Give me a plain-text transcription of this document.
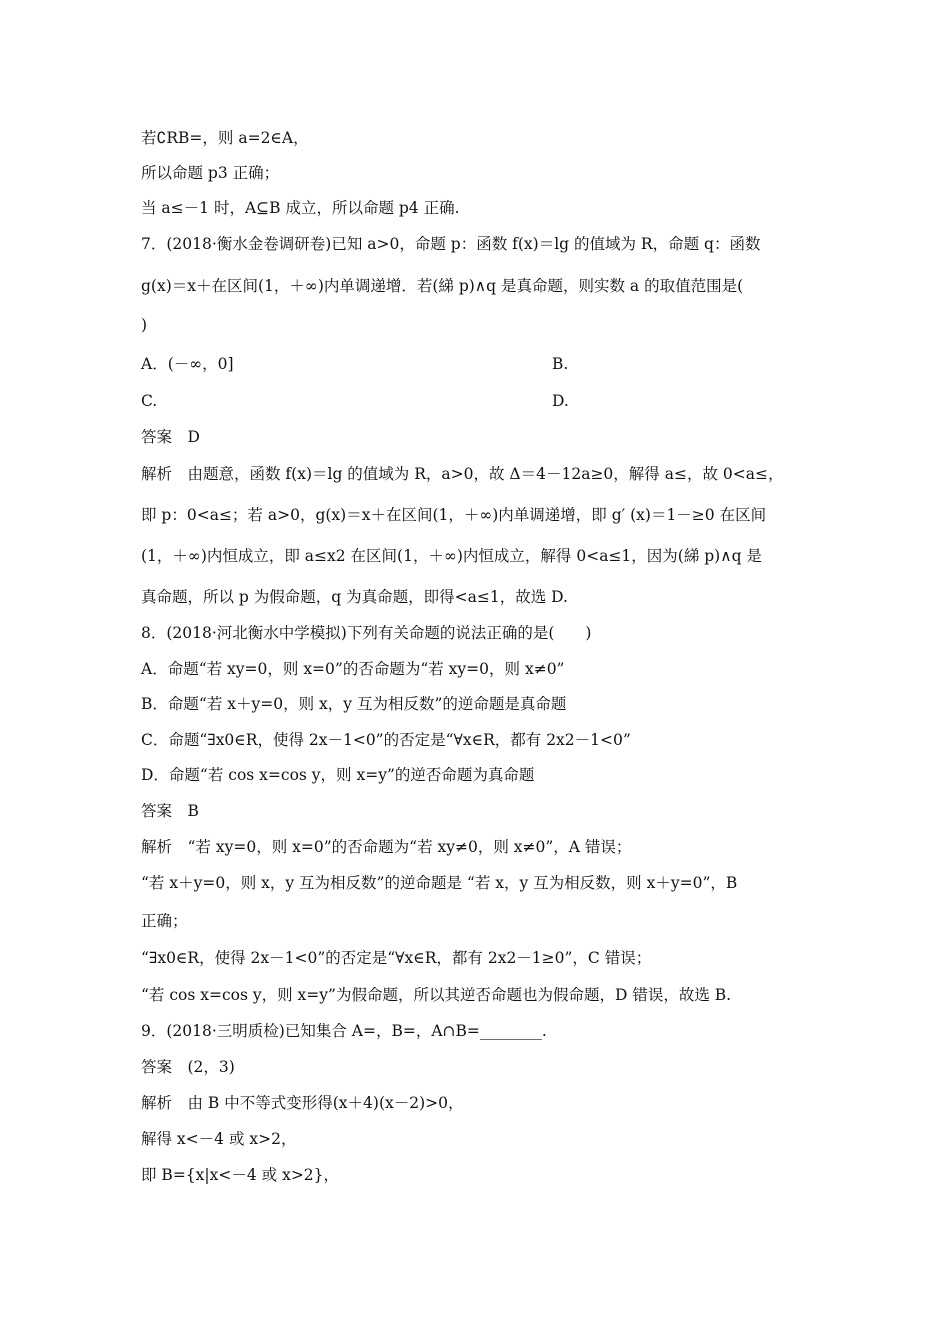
若∁RB=，则 a=2∈A，
所以命题 p3 正确；
当 a≤－1 时，A⊆B 成立，所以命题 p4 正确.
7．(2018·衡水金卷调研卷)已知 a>0，命题 p：函数 f(x)＝lg 的值域为 R，命题 q：函数
g(x)＝x＋在区间(1，＋∞)内单调递增．若(綈 p)∧q 是真命题，则实数 a 的取值范围是(
)
A．(－∞，0]	B.
C.	D.
答案　D
解析　由题意，函数 f(x)＝lg 的值域为 R，a>0，故 Δ＝4－12a≥0，解得 a≤，故 0<a≤，
即 p：0<a≤；若 a>0，g(x)＝x＋在区间(1，＋∞)内单调递增，即 g′ (x)＝1－≥0 在区间
(1，＋∞)内恒成立，即 a≤x2 在区间(1，＋∞)内恒成立，解得 0<a≤1，因为(綈 p)∧q 是
真命题，所以 p 为假命题，q 为真命题，即得<a≤1，故选 D.
8．(2018·河北衡水中学模拟)下列有关命题的说法正确的是(　　)
A．命题“若 xy=0，则 x=0”的否命题为“若 xy=0，则 x≠0”
B．命题“若 x＋y=0，则 x，y 互为相反数”的逆命题是真命题
C．命题“∃x0∈R，使得 2x－1<0”的否定是“∀x∈R，都有 2x2－1<0”
D．命题“若 cos x=cos y，则 x=y”的逆否命题为真命题
答案　B
解析　“若 xy=0，则 x=0”的否命题为“若 xy≠0，则 x≠0”，A 错误；
“若 x＋y=0，则 x，y 互为相反数”的逆命题是 “若 x，y 互为相反数，则 x＋y=0”，B
正确；
“∃x0∈R，使得 2x－1<0”的否定是“∀x∈R，都有 2x2－1≥0”，C 错误；
“若 cos x=cos y，则 x=y”为假命题，所以其逆否命题也为假命题，D 错误，故选 B.
9．(2018·三明质检)已知集合 A=，B=，A∩B=________.
答案　(2，3)
解析　由 B 中不等式变形得(x＋4)(x－2)>0，
解得 x<－4 或 x>2，
即 B={x|x<－4 或 x>2}，
